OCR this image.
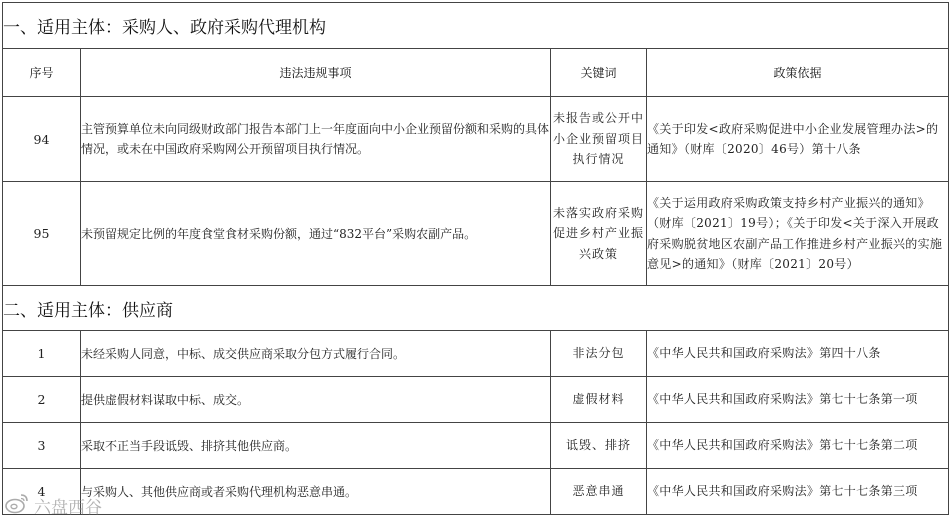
一、适用主体：采购人、政府采购代理机构			
序号	违法违规事项	关键词	政策依据
94	主管预算单位未向同级财政部门报告本部门上一年度面向中小企业预留份额和采购的具体情况，或未在中国政府采购网公开预留项目执行情况。	未报告或公开中小企业预留项目执行情况	《关于印发<政府采购促进中小企业发展管理办法>的通知》（财库〔2020〕46号）第十八条
95	未预留规定比例的年度食堂食材采购份额，通过“832平台”采购农副产品。	未落实政府采购促进乡村产业振兴政策	《关于运用政府采购政策支持乡村产业振兴的通知》（财库〔2021〕19号）；《关于印发<关于深入开展政府采购脱贫地区农副产品工作推进乡村产业振兴的实施意见>的通知》（财库〔2021〕20号）
二、适用主体：供应商			
1	未经采购人同意，中标、成交供应商采取分包方式履行合同。	非法分包	《中华人民共和国政府采购法》第四十八条
2	提供虚假材料谋取中标、成交。	虚假材料	《中华人民共和国政府采购法》第七十七条第一项
3	采取不正当手段诋毁、排挤其他供应商。	诋毁、排挤	《中华人民共和国政府采购法》第七十七条第二项
4	与采购人、其他供应商或者采购代理机构恶意串通。	恶意串通	《中华人民共和国政府采购法》第七十七条第三项
六盘西谷
